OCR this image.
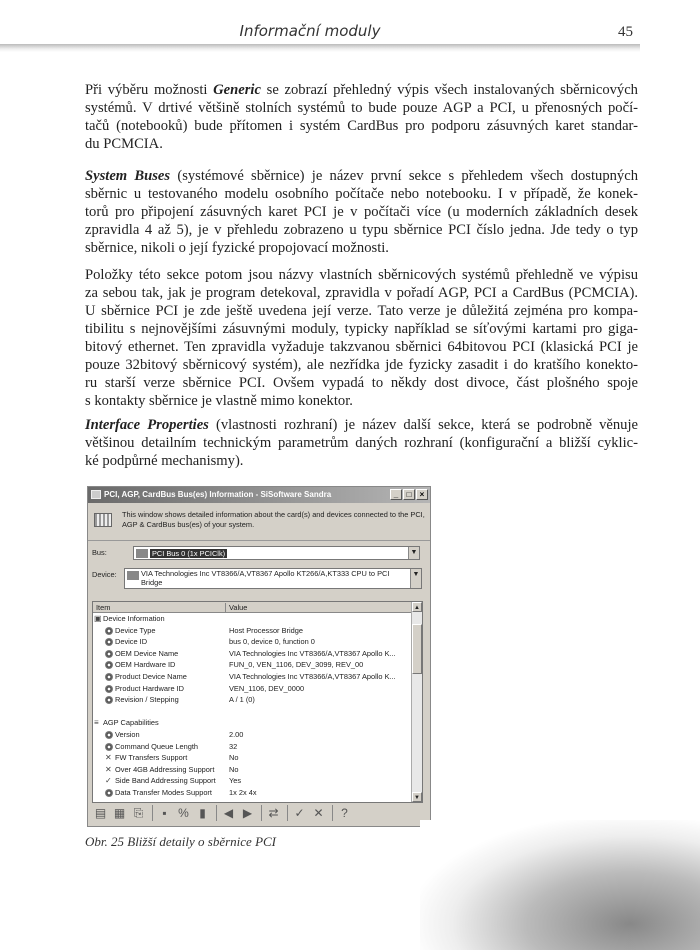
Informační moduly	45
Při výběru možnosti Generic se zobrazí přehledný výpis všech instalovaných sběrnicových
systémů. V drtivé většině stolních systémů to bude pouze AGP a PCI, u přenosných počí-
tačů (notebooků) bude přítomen i systém CardBus pro podporu zásuvných karet standar-
du PCMCIA.
System Buses (systémové sběrnice) je název první sekce s přehledem všech dostupných
sběrnic u testovaného modelu osobního počítače nebo notebooku. I v případě, že konek-
torů pro připojení zásuvných karet PCI je v počítači více (u moderních základních desek
zpravidla 4 až 5), je v přehledu zobrazeno u typu sběrnice PCI číslo jedna. Jde tedy o typ
sběrnice, nikoli o její fyzické propojovací možnosti.
Položky této sekce potom jsou názvy vlastních sběrnicových systémů přehledně ve výpisu
za sebou tak, jak je program detekoval, zpravidla v pořadí AGP, PCI a CardBus (PCMCIA).
U sběrnice PCI je zde ještě uvedena její verze. Tato verze je důležitá zejména pro kompa-
tibilitu s nejnovějšími zásuvnými moduly, typicky například se síťovými kartami pro giga-
bitový ethernet. Ten zpravidla vyžaduje takzvanou sběrnici 64bitovou PCI (klasická PCI je
pouze 32bitový sběrnicový systém), ale nezřídka jde fyzicky zasadit i do kratšího konekto-
ru starší verze sběrnice PCI. Ovšem vypadá to někdy dost divoce, část plošného spoje
s kontakty sběrnice je vlastně mimo konektor.
Interface Properties (vlastnosti rozhraní) je název další sekce, která se podrobně věnuje
většinou detailním technickým parametrům daných rozhraní (konfigurační a bližší cyklic-
ké podpůrné mechanismy).
PCI, AGP, CardBus Bus(es) Information - SiSoftware Sandra	_	□	×
This window shows detailed information about the card(s) and devices connected to the PCI, AGP & CardBus bus(es) of your system.
Bus:	PCI Bus 0 (1x PCIClk)	▼
Device:	VIA Technologies Inc VT8366/A,VT8367 Apollo KT266/A,KT333 CPU to PCI Bridge
▼
Item	Value
▣ Device Information
Device Type	Host Processor Bridge
Device ID	bus 0, device 0, function 0
OEM Device Name	VIA Technologies Inc VT8366/A,VT8367 Apollo K...
OEM Hardware ID	FUN_0, VEN_1106, DEV_3099, REV_00
Product Device Name	VIA Technologies Inc VT8366/A,VT8367 Apollo K...
Product Hardware ID	VEN_1106, DEV_0000
Revision / Stepping	A / 1 (0)
≡ AGP Capabilities
Version	2.00
Command Queue Length	32
✕ FW Transfers Support	No
✕ Over 4GB Addressing Support No
✓ Side Band Addressing Support Yes
Data Transfer Modes Support 1x 2x 4x
▲
▼
▤ ▦ ⎘ ▪ % ▮ ◀ ▶ ⇄ ✓ ✕ ?
Obr. 25 Bližší detaily o sběrnice PCI
